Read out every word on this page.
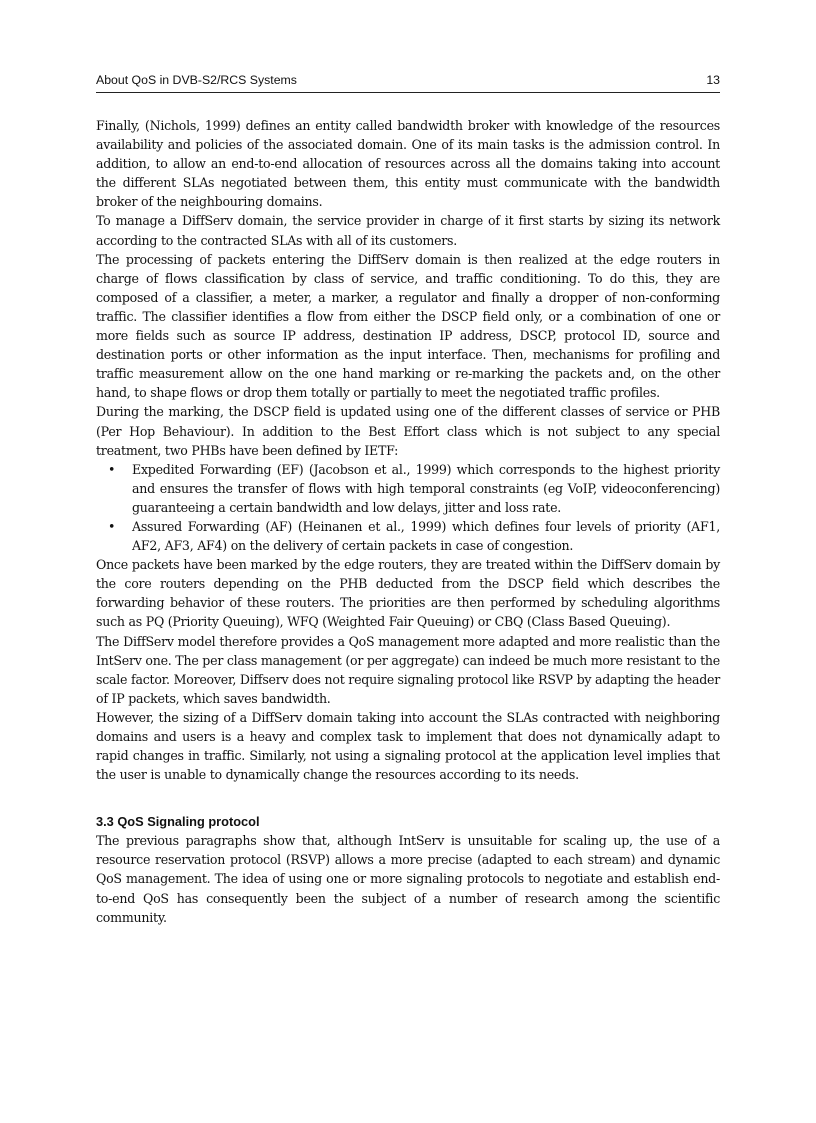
About QoS in DVB-S2/RCS Systems	13

Finally, (Nichols, 1999) defines an entity called bandwidth broker with knowledge of the resources availability and policies of the associated domain. One of its main tasks is the admission control. In addition, to allow an end-to-end allocation of resources across all the domains taking into account the different SLAs negotiated between them, this entity must communicate with the bandwidth broker of the neighbouring domains.

To manage a DiffServ domain, the service provider in charge of it first starts by sizing its network according to the contracted SLAs with all of its customers.

The processing of packets entering the DiffServ domain is then realized at the edge routers in charge of flows classification by class of service, and traffic conditioning. To do this, they are composed of a classifier, a meter, a marker, a regulator and finally a dropper of non-conforming traffic. The classifier identifies a flow from either the DSCP field only, or a combination of one or more fields such as source IP address, destination IP address, DSCP, protocol ID, source and destination ports or other information as the input interface. Then, mechanisms for profiling and traffic measurement allow on the one hand marking or re-marking the packets and, on the other hand, to shape flows or drop them totally or partially to meet the negotiated traffic profiles.

During the marking, the DSCP field is updated using one of the different classes of service or PHB (Per Hop Behaviour). In addition to the Best Effort class which is not subject to any special treatment, two PHBs have been defined by IETF:

• Expedited Forwarding (EF) (Jacobson et al., 1999) which corresponds to the highest priority and ensures the transfer of flows with high temporal constraints (eg VoIP, videoconferencing) guaranteeing a certain bandwidth and low delays, jitter and loss rate.
• Assured Forwarding (AF) (Heinanen et al., 1999) which defines four levels of priority (AF1, AF2, AF3, AF4) on the delivery of certain packets in case of congestion.

Once packets have been marked by the edge routers, they are treated within the DiffServ domain by the core routers depending on the PHB deducted from the DSCP field which describes the forwarding behavior of these routers. The priorities are then performed by scheduling algorithms such as PQ (Priority Queuing), WFQ (Weighted Fair Queuing) or CBQ (Class Based Queuing).

The DiffServ model therefore provides a QoS management more adapted and more realistic than the IntServ one. The per class management (or per aggregate) can indeed be much more resistant to the scale factor. Moreover, Diffserv does not require signaling protocol like RSVP by adapting the header of IP packets, which saves bandwidth.

However, the sizing of a DiffServ domain taking into account the SLAs contracted with neighboring domains and users is a heavy and complex task to implement that does not dynamically adapt to rapid changes in traffic. Similarly, not using a signaling protocol at the application level implies that the user is unable to dynamically change the resources according to its needs.

3.3 QoS Signaling protocol

The previous paragraphs show that, although IntServ is unsuitable for scaling up, the use of a resource reservation protocol (RSVP) allows a more precise (adapted to each stream) and dynamic QoS management. The idea of using one or more signaling protocols to negotiate and establish end-to-end QoS has consequently been the subject of a number of research among the scientific community.
